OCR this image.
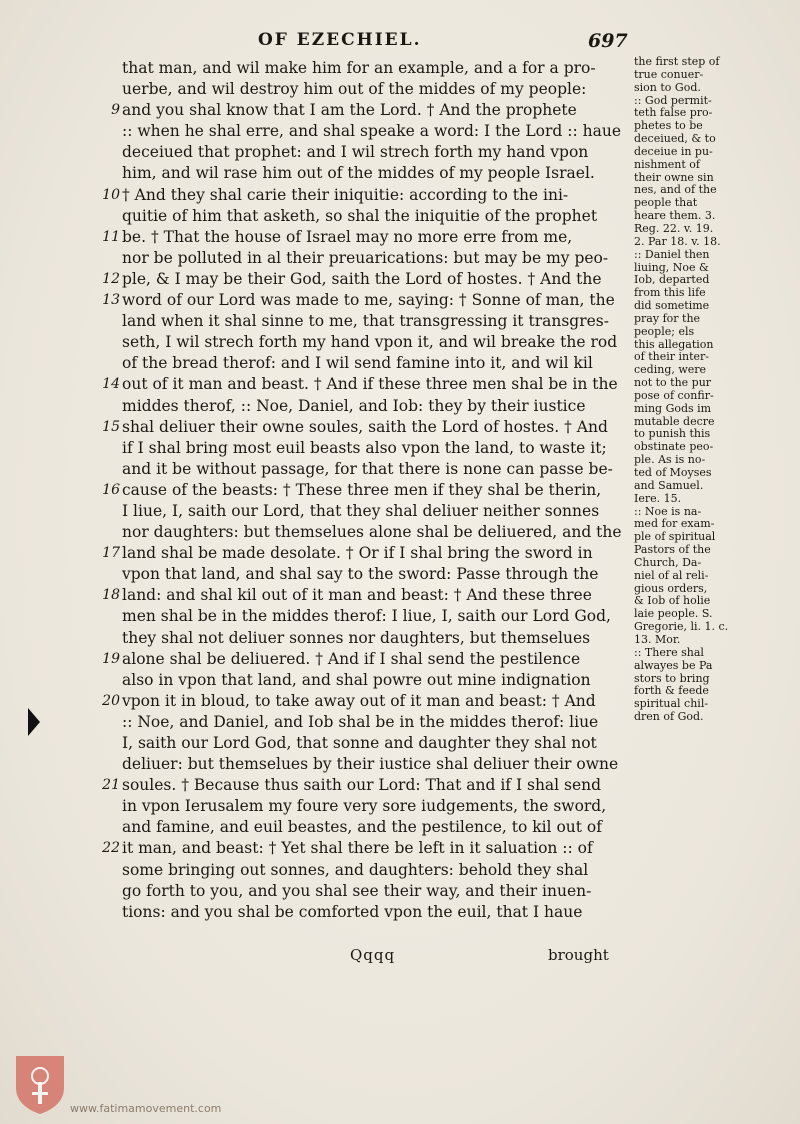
OF EZECHIEL.	697
that man, and wil make him for an example, and a for a pro-
uerbe, and wil destroy him out of the middes of my people:
9 and you shal know that I am the Lord. † And the prophete
:: when he shal erre, and shal speake a word: I the Lord :: haue
deceiued that prophet: and I wil strech forth my hand vpon
him, and wil rase him out of the middes of my people Israel.
10 † And they shal carie their iniquitie: according to the ini-
quitie of him that asketh, so shal the iniquitie of the prophet
11 be. † That the house of Israel may no more erre from me,
nor be polluted in al their preuarications: but may be my peo-
12 ple, & I may be their God, saith the Lord of hostes. † And the
13 word of our Lord was made to me, saying: † Sonne of man, the
land when it shal sinne to me, that transgressing it transgres-
seth, I wil strech forth my hand vpon it, and wil breake the rod
of the bread therof: and I wil send famine into it, and wil kil
14 out of it man and beast. † And if these three men shal be in the
middes therof, :: Noe, Daniel, and Iob: they by their iustice
15 shal deliuer their owne soules, saith the Lord of hostes. † And
if I shal bring most euil beasts also vpon the land, to waste it;
and it be without passage, for that there is none can passe be-
16 cause of the beasts: † These three men if they shal be therin,
I liue, I, saith our Lord, that they shal deliuer neither sonnes
nor daughters: but themselues alone shal be deliuered, and the
17 land shal be made desolate. † Or if I shal bring the sword in
vpon that land, and shal say to the sword: Passe through the
18 land: and shal kil out of it man and beast: † And these three
men shal be in the middes therof: I liue, I, saith our Lord God,
they shal not deliuer sonnes nor daughters, but themselues
19 alone shal be deliuered. † And if I shal send the pestilence
also in vpon that land, and shal powre out mine indignation
20 vpon it in bloud, to take away out of it man and beast: † And
:: Noe, and Daniel, and Iob shal be in the middes therof: liue
I, saith our Lord God, that sonne and daughter they shal not
deliuer: but themselues by their iustice shal deliuer their owne
21 soules. † Because thus saith our Lord: That and if I shal send
in vpon Ierusalem my foure very sore iudgements, the sword,
and famine, and euil beastes, and the pestilence, to kil out of
22 it man, and beast: † Yet shal there be left in it saluation :: of
some bringing out sonnes, and daughters: behold they shal
go forth to you, and you shal see their way, and their inuen-
tions: and you shal be comforted vpon the euil, that I haue
the first step of
true conuer-
sion to God.
:: God permit-
teth false pro-
phetes to be
deceiued, & to
deceiue in pu-
nishment of
their owne sin
nes, and of the
people that
heare them. 3.
Reg. 22. v. 19.
2. Par 18. v. 18.
:: Daniel then
liuing, Noe &
Iob, departed
from this life
did sometime
pray for the
people; els
this allegation
of their inter-
ceding, were
not to the pur
pose of confir-
ming Gods im
mutable decre
to punish this
obstinate peo-
ple. As is no-
ted of Moyses
and Samuel.
Iere. 15.
:: Noe is na-
med for exam-
ple of spiritual
Pastors of the
Church, Da-
niel of al reli-
gious orders,
& Iob of holie
laie people. S.
Gregorie, li. 1. c.
13. Mor.
:: There shal
alwayes be Pa
stors to bring
forth & feede
spiritual chil-
dren of God.
Qqqq	brought
www.fatimamovement.com
